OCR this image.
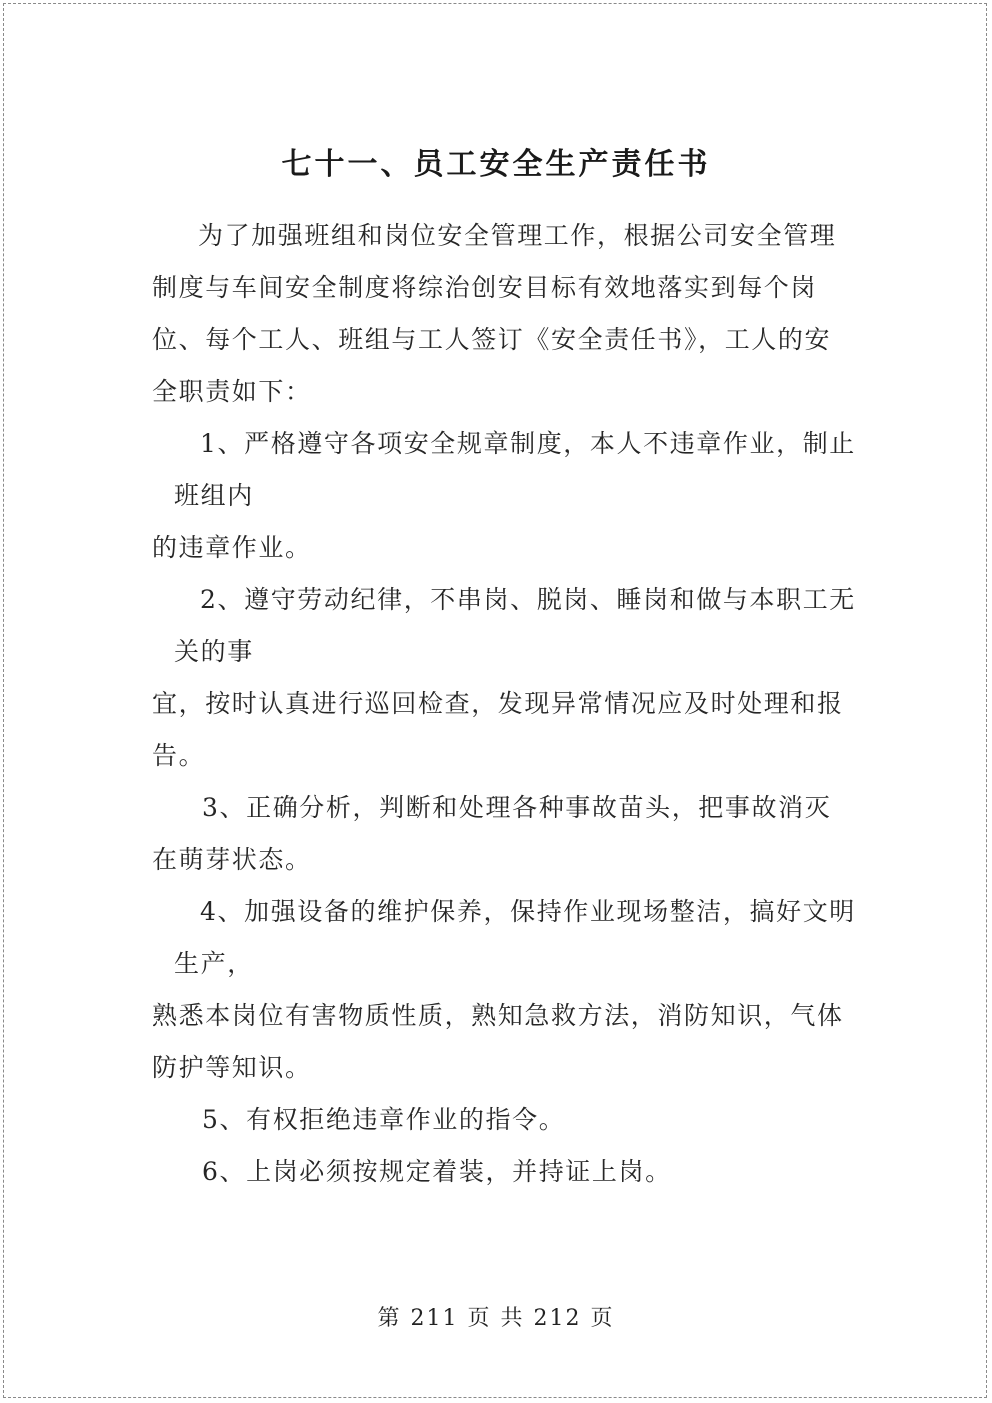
七十一、员工安全生产责任书
为了加强班组和岗位安全管理工作，根据公司安全管理
制度与车间安全制度将综治创安目标有效地落实到每个岗
位、每个工人、班组与工人签订《安全责任书》，工人的安
全职责如下：
1、严格遵守各项安全规章制度，本人不违章作业，制止
班组内
的违章作业。
2、遵守劳动纪律，不串岗、脱岗、睡岗和做与本职工无
关的事
宜，按时认真进行巡回检查，发现异常情况应及时处理和报
告。
3、正确分析，判断和处理各种事故苗头，把事故消灭
在萌芽状态。
4、加强设备的维护保养，保持作业现场整洁，搞好文明
生产，
熟悉本岗位有害物质性质，熟知急救方法，消防知识，气体
防护等知识。
5、有权拒绝违章作业的指令。
6、上岗必须按规定着装，并持证上岗。
第 211 页 共 212 页
